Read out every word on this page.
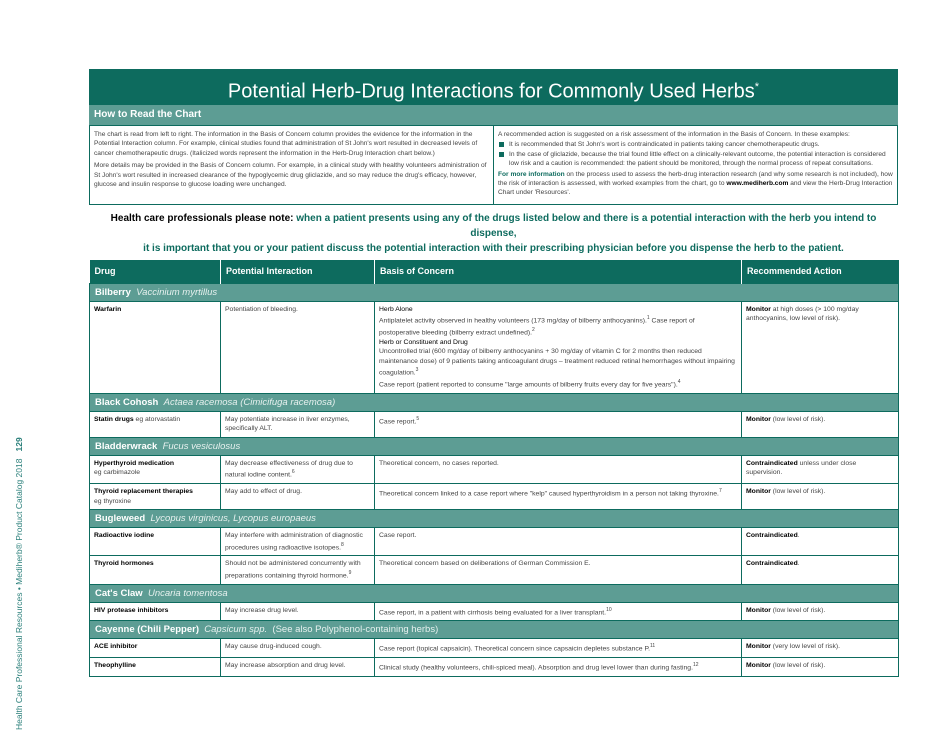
Health Care Professional Resources • Mediherb® Product Catalog 2018   129
Potential Herb-Drug Interactions for Commonly Used Herbs*
How to Read the Chart

The chart is read from left to right. The information in the Basis of Concern column provides the evidence for the information in the Potential Interaction column. For example, clinical studies found that administration of St John's wort resulted in decreased levels of cancer chemotherapeutic drugs. (Italicized words represent the information in the Herb-Drug Interaction chart below.)

More details may be provided in the Basis of Concern column. For example, in a clinical study with healthy volunteers administration of St John's wort resulted in increased clearance of the hypoglycemic drug gliclazide, and so may reduce the drug's efficacy, however, glucose and insulin response to glucose loading were unchanged.

A recommended action is suggested on a risk assessment of the information in the Basis of Concern. In these examples:

It is recommended that St John's wort is contraindicated in patients taking cancer chemotherapeutic drugs.
In the case of gliclazide, because the trial found little effect on a clinically-relevant outcome, the potential interaction is considered low risk and a caution is recommended: the patient should be monitored, through the normal process of repeat consultations.

For more information on the process used to assess the herb-drug interaction research (and why some research is not included), how the risk of interaction is assessed, with worked examples from the chart, go to www.mediherb.com and view the Herb-Drug Interaction Chart under 'Resources'.

Health care professionals please note: when a patient presents using any of the drugs listed below and there is a potential interaction with the herb you intend to dispense,
it is important that you or your patient discuss the potential interaction with their prescribing physician before you dispense the herb to the patient.
Drug	Potential Interaction	Basis of Concern	Recommended Action
Bilberry Vaccinium myrtillus			
Warfarin	Potentiation of bleeding.	Herb Alone
Antiplatelet activity observed in healthy volunteers (173 mg/day of bilberry anthocyanins).$^1$ Case report of postoperative bleeding (bilberry extract undefined).$^2$
Herb or Constituent and Drug
Uncontrolled trial (600 mg/day of bilberry anthocyanins + 30 mg/day of vitamin C for 2 months then reduced maintenance dose) of 9 patients taking anticoagulant drugs – treatment reduced retinal hemorrhages without impairing coagulation.$^3$
Case report (patient reported to consume "large amounts of bilberry fruits every day for five years").$^4$	Monitor at high doses (> 100 mg/day anthocyanins, low level of risk).
Black Cohosh Actaea racemosa (Cimicifuga racemosa)			
Statin drugs eg atorvastatin	May potentiate increase in liver enzymes, specifically ALT.	Case report.$^5$	Monitor (low level of risk).
Bladderwrack Fucus vesiculosus			
Hyperthyroid medication
eg carbimazole	May decrease effectiveness of drug due to natural iodine content.$^6$	Theoretical concern, no cases reported.	Contraindicated unless under close supervision.
Thyroid replacement therapies
eg thyroxine	May add to effect of drug.	Theoretical concern linked to a case report where "kelp" caused hyperthyroidism in a person not taking thyroxine.$^7$	Monitor (low level of risk).
Bugleweed Lycopus virginicus, Lycopus europaeus			
Radioactive iodine	May interfere with administration of diagnostic procedures using radioactive isotopes.$^8$	Case report.	Contraindicated.
Thyroid hormones	Should not be administered concurrently with preparations containing thyroid hormone.$^9$	Theoretical concern based on deliberations of German Commission E.	Contraindicated.
Cat's Claw Uncaria tomentosa			
HIV protease inhibitors	May increase drug level.	Case report, in a patient with cirrhosis being evaluated for a liver transplant.$^{10}$	Monitor (low level of risk).
Cayenne (Chili Pepper) Capsicum spp. (See also Polyphenol-containing herbs)			
ACE inhibitor	May cause drug-induced cough.	Case report (topical capsaicin). Theoretical concern since capsaicin depletes substance P.$^{11}$	Monitor (very low level of risk).
Theophylline	May increase absorption and drug level.	Clinical study (healthy volunteers, chili-spiced meal). Absorption and drug level lower than during fasting.$^{12}$	Monitor (low level of risk).
